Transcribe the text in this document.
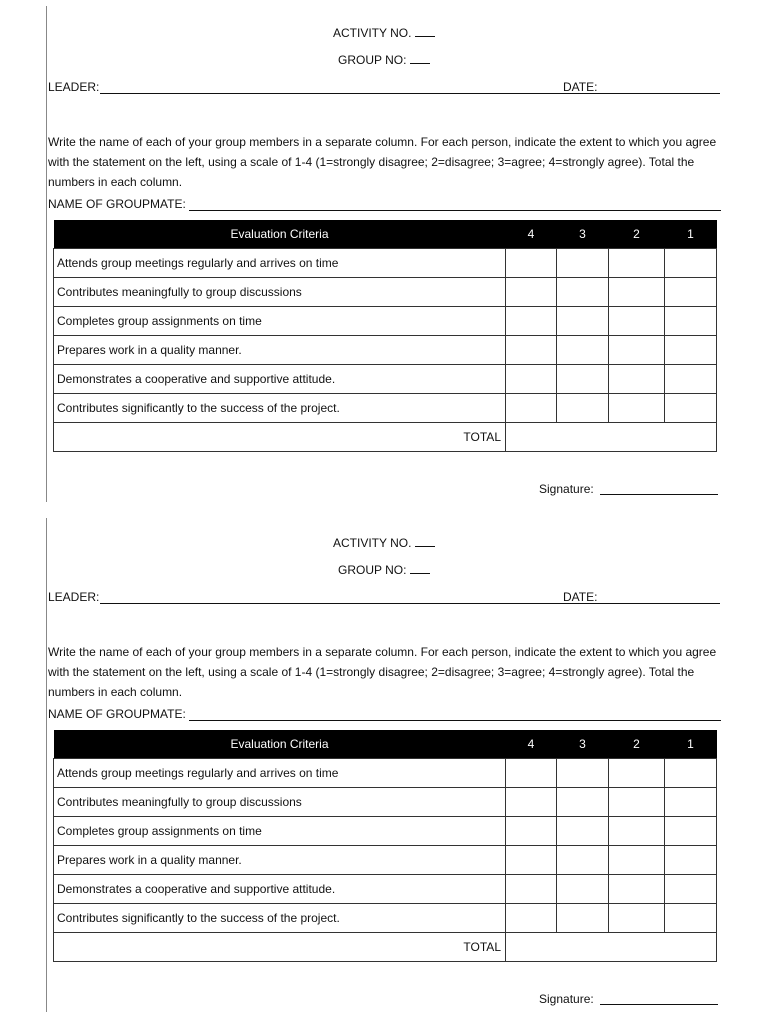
ACTIVITY NO.
GROUP NO:
LEADER:	DATE:
Write the name of each of your group members in a separate column. For each person, indicate the extent to which you agree with the statement on the left, using a scale of 1-4 (1=strongly disagree; 2=disagree; 3=agree; 4=strongly agree). Total the numbers in each column.
NAME OF GROUPMATE:
Evaluation Criteria	4	3	2	1
Attends group meetings regularly and arrives on time				
Contributes meaningfully to group discussions				
Completes group assignments on time				
Prepares work in a quality manner.				
Demonstrates a cooperative and supportive attitude.				
Contributes significantly to the success of the project.				
TOTAL				
Signature:
ACTIVITY NO.
GROUP NO:
LEADER:	DATE:
Write the name of each of your group members in a separate column. For each person, indicate the extent to which you agree with the statement on the left, using a scale of 1-4 (1=strongly disagree; 2=disagree; 3=agree; 4=strongly agree). Total the numbers in each column.
NAME OF GROUPMATE:
Evaluation Criteria	4	3	2	1
Attends group meetings regularly and arrives on time				
Contributes meaningfully to group discussions				
Completes group assignments on time				
Prepares work in a quality manner.				
Demonstrates a cooperative and supportive attitude.				
Contributes significantly to the success of the project.				
TOTAL				
Signature:
